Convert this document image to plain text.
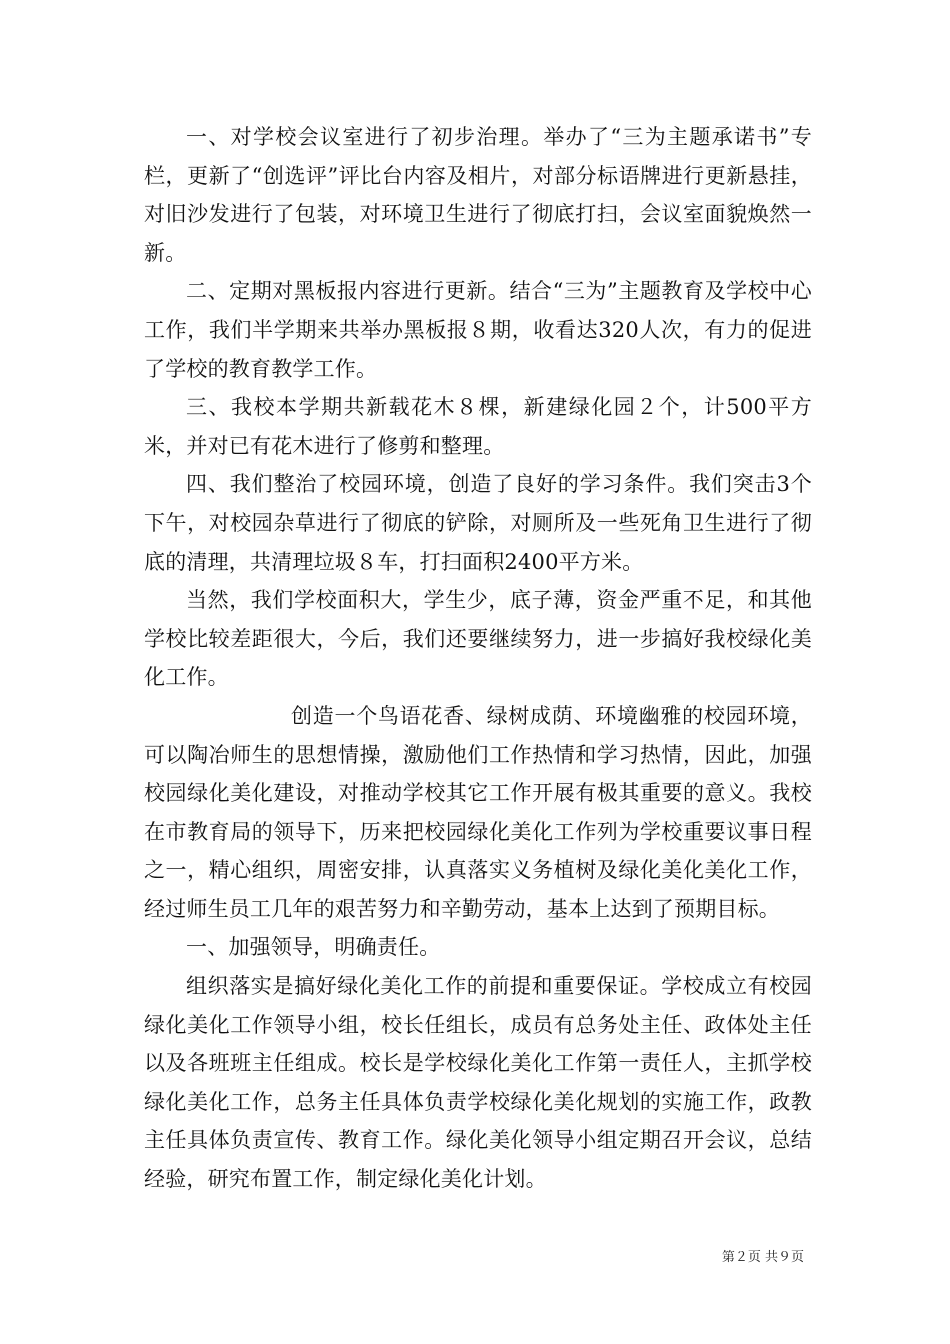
一、对学校会议室进行了初步治理。举办了“三为主题承诺书”专栏，更新了“创选评”评比台内容及相片，对部分标语牌进行更新悬挂，对旧沙发进行了包装，对环境卫生进行了彻底打扫，会议室面貌焕然一新。

二、定期对黑板报内容进行更新。结合“三为”主题教育及学校中心工作，我们半学期来共举办黑板报８期，收看达320人次，有力的促进了学校的教育教学工作。

三、我校本学期共新载花木８棵，新建绿化园２个，计500平方米，并对已有花木进行了修剪和整理。

四、我们整治了校园环境，创造了良好的学习条件。我们突击3个下午，对校园杂草进行了彻底的铲除，对厕所及一些死角卫生进行了彻底的清理，共清理垃圾８车，打扫面积2400平方米。

当然，我们学校面积大，学生少，底子薄，资金严重不足，和其他学校比较差距很大，今后，我们还要继续努力，进一步搞好我校绿化美化工作。

创造一个鸟语花香、绿树成荫、环境幽雅的校园环境，可以陶冶师生的思想情操，激励他们工作热情和学习热情，因此，加强校园绿化美化建设，对推动学校其它工作开展有极其重要的意义。我校在市教育局的领导下，历来把校园绿化美化工作列为学校重要议事日程之一，精心组织，周密安排，认真落实义务植树及绿化美化美化工作，经过师生员工几年的艰苦努力和辛勤劳动，基本上达到了预期目标。

一、加强领导，明确责任。

组织落实是搞好绿化美化工作的前提和重要保证。学校成立有校园绿化美化工作领导小组，校长任组长，成员有总务处主任、政体处主任以及各班班主任组成。校长是学校绿化美化工作第一责任人，主抓学校绿化美化工作，总务主任具体负责学校绿化美化规划的实施工作，政教主任具体负责宣传、教育工作。绿化美化领导小组定期召开会议，总结经验，研究布置工作，制定绿化美化计划。

第２页 共９页
